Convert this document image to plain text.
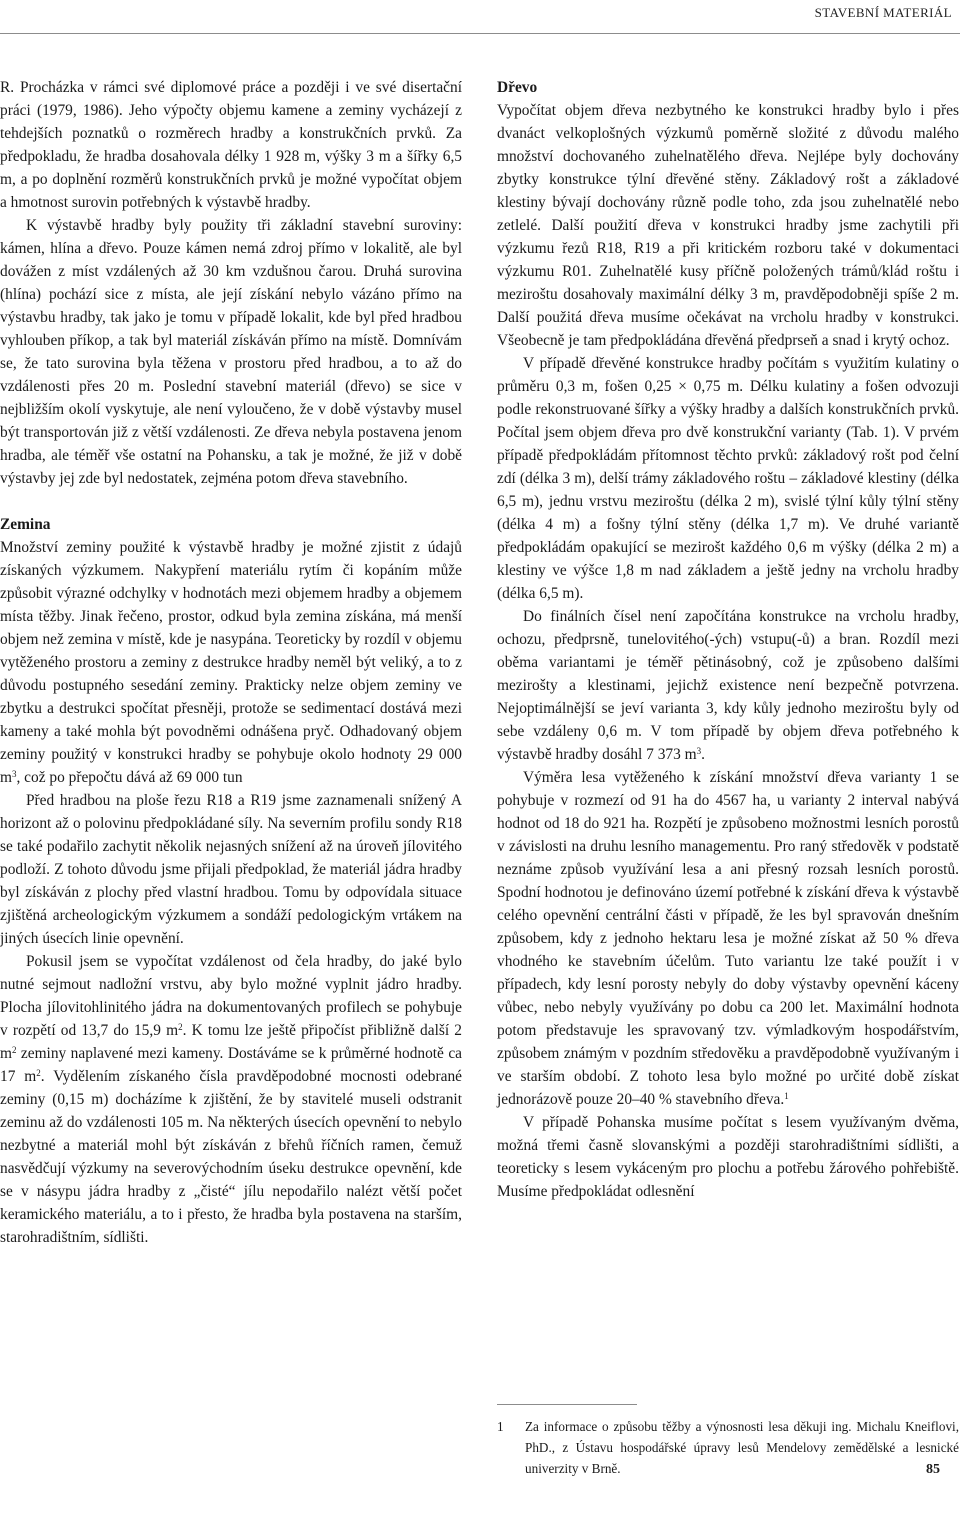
STAVEBNÍ MATERIÁL

R. Procházka v rámci své diplomové práce a později i ve své disertační práci (1979, 1986). Jeho výpočty objemu kamene a zeminy vycházejí z tehdejších poznatků o rozměrech hradby a konstrukčních prvků. Za předpokladu, že hradba dosahovala délky 1 928 m, výšky 3 m a šířky 6,5 m, a po doplnění rozměrů konstrukčních prvků je možné vypočítat objem a hmotnost surovin potřebných k výstavbě hradby.

K výstavbě hradby byly použity tři základní stavební suroviny: kámen, hlína a dřevo. Pouze kámen nemá zdroj přímo v lokalitě, ale byl dovážen z míst vzdálených až 30 km vzdušnou čarou. Druhá surovina (hlína) pochází sice z místa, ale její získání nebylo vázáno přímo na výstavbu hradby, tak jako je tomu v případě lokalit, kde byl před hradbou vyhlouben příkop, a tak byl materiál získáván přímo na místě. Domnívám se, že tato surovina byla těžena v prostoru před hradbou, a to až do vzdálenosti přes 20 m. Poslední stavební materiál (dřevo) se sice v nejbližším okolí vyskytuje, ale není vyloučeno, že v době výstavby musel být transportován již z větší vzdálenosti. Ze dřeva nebyla postavena jenom hradba, ale téměř vše ostatní na Pohansku, a tak je možné, že již v době výstavby jej zde byl nedostatek, zejména potom dřeva stavebního.

Zemina

Množství zeminy použité k výstavbě hradby je možné zjistit z údajů získaných výzkumem. Nakypření materiálu rytím či kopáním může způsobit výrazné odchylky v hodnotách mezi objemem hradby a objemem místa těžby. Jinak řečeno, prostor, odkud byla zemina získána, má menší objem než zemina v místě, kde je nasypána. Teoreticky by rozdíl v objemu vytěženého prostoru a zeminy z destrukce hradby neměl být veliký, a to z důvodu postupného sesedání zeminy. Prakticky nelze objem zeminy ve zbytku a destrukci spočítat přesněji, protože se sedimentací dostává mezi kameny a také mohla být povodněmi odnášena pryč. Odhadovaný objem zeminy použitý v konstrukci hradby se pohybuje okolo hodnoty 29 000 $m^3$, což po přepočtu dává až 69 000 tun

Před hradbou na ploše řezu R18 a R19 jsme zaznamenali snížený A horizont až o polovinu předpokládané síly. Na severním profilu sondy R18 se také podařilo zachytit několik nejasných snížení až na úroveň jílovitého podloží. Z tohoto důvodu jsme přijali předpoklad, že materiál jádra hradby byl získáván z plochy před vlastní hradbou. Tomu by odpovídala situace zjištěná archeologickým výzkumem a sondáží pedologickým vrtákem na jiných úsecích linie opevnění.

Pokusil jsem se vypočítat vzdálenost od čela hradby, do jaké bylo nutné sejmout nadložní vrstvu, aby bylo možné vyplnit jádro hradby. Plocha jílovitohlinitého jádra na dokumentovaných profilech se pohybuje v rozpětí od 13,7 do 15,9 $m^2$. K tomu lze ještě připočíst přibližně další 2 $m^2$ zeminy naplavené mezi kameny. Dostáváme se k průměrné hodnotě ca 17 $m^2$. Vydělením získaného čísla pravděpodobné mocnosti odebrané zeminy (0,15 m) docházíme k zjištění, že by stavitelé museli odstranit zeminu až do vzdálenosti 105 m. Na některých úsecích opevnění to nebylo nezbytné a materiál mohl být získáván z břehů říčních ramen, čemuž nasvědčují výzkumy na severovýchodním úseku destrukce opevnění, kde se v násypu jádra hradby z „čisté“ jílu nepodařilo nalézt větší počet keramického materiálu, a to i přesto, že hradba byla postavena na starším, starohradištním, sídlišti.

Dřevo

Vypočítat objem dřeva nezbytného ke konstrukci hradby bylo i přes dvanáct velkoplošných výzkumů poměrně složité z důvodu malého množství dochovaného zuhelnatělého dřeva. Nejlépe byly dochovány zbytky konstrukce týlní dřevěné stěny. Základový rošt a základové klestiny bývají dochovány různě podle toho, zda jsou zuhelnatělé nebo zetlelé. Další použití dřeva v konstrukci hradby jsme zachytili při výzkumu řezů R18, R19 a při kritickém rozboru také v dokumentaci výzkumu R01. Zuhelnatělé kusy příčně položených trámů/klád roštu i meziroštu dosahovaly maximální délky 3 m, pravděpodobněji spíše 2 m. Další použitá dřeva musíme očekávat na vrcholu hradby v konstrukci. Všeobecně je tam předpokládána dřevěná předprseň a snad i krytý ochoz.

V případě dřevěné konstrukce hradby počítám s využitím kulatiny o průměru 0,3 m, fošen 0,25 × 0,75 m. Délku kulatiny a fošen odvozuji podle rekonstruované šířky a výšky hradby a dalších konstrukčních prvků. Počítal jsem objem dřeva pro dvě konstrukční varianty (Tab. 1). V prvém případě předpokládám přítomnost těchto prvků: základový rošt pod čelní zdí (délka 3 m), delší trámy základového roštu – základové klestiny (délka 6,5 m), jednu vrstvu meziroštu (délka 2 m), svislé týlní kůly týlní stěny (délka 4 m) a fošny týlní stěny (délka 1,7 m). Ve druhé variantě předpokládám opakující se mezirošt každého 0,6 m výšky (délka 2 m) a klestiny ve výšce 1,8 m nad základem a ještě jedny na vrcholu hradby (délka 6,5 m).

Do finálních čísel není započítána konstrukce na vrcholu hradby, ochozu, předprsně, tunelovitého(-ých) vstupu(-ů) a bran. Rozdíl mezi oběma variantami je téměř pětinásobný, což je způsobeno dalšími mezirošty a klestinami, jejichž existence není bezpečně potvrzena. Nejoptimálnější se jeví varianta 3, kdy kůly jednoho meziroštu byly od sebe vzdáleny 0,6 m. V tom případě by objem dřeva potřebného k výstavbě hradby dosáhl 7 373 $m^3$.

Výměra lesa vytěženého k získání množství dřeva varianty 1 se pohybuje v rozmezí od 91 ha do 4567 ha, u varianty 2 interval nabývá hodnot od 18 do 921 ha. Rozpětí je způsobeno možnostmi lesních porostů v závislosti na druhu lesního managementu. Pro raný středověk v podstatě neznáme způsob využívání lesa a ani přesný rozsah lesních porostů. Spodní hodnotou je definováno území potřebné k získání dřeva k výstavbě celého opevnění centrální části v případě, že les byl spravován dnešním způsobem, kdy z jednoho hektaru lesa je možné získat až 50 % dřeva vhodného ke stavebním účelům. Tuto variantu lze také použít i v případech, kdy lesní porosty nebyly do doby výstavby opevnění káceny vůbec, nebo nebyly využívány po dobu ca 200 let. Maximální hodnota potom představuje les spravovaný tzv. výmladkovým hospodářstvím, způsobem známým v pozdním středověku a pravděpodobně využívaným i ve starším období. Z tohoto lesa bylo možné po určité době získat jednorázově pouze 20–40 % stavebního dřeva.$^1$

V případě Pohanska musíme počítat s lesem využívaným dvěma, možná třemi časně slovanskými a později starohradištními sídlišti, a teoreticky s lesem vykáceným pro plochu a potřebu žárového pohřebiště. Musíme předpokládat odlesnění

1 Za informace o způsobu těžby a výnosnosti lesa děkuji ing. Michalu Kneiflovi, PhD., z Ústavu hospodářské úpravy lesů Mendelovy zemědělské a lesnické univerzity v Brně.	85
